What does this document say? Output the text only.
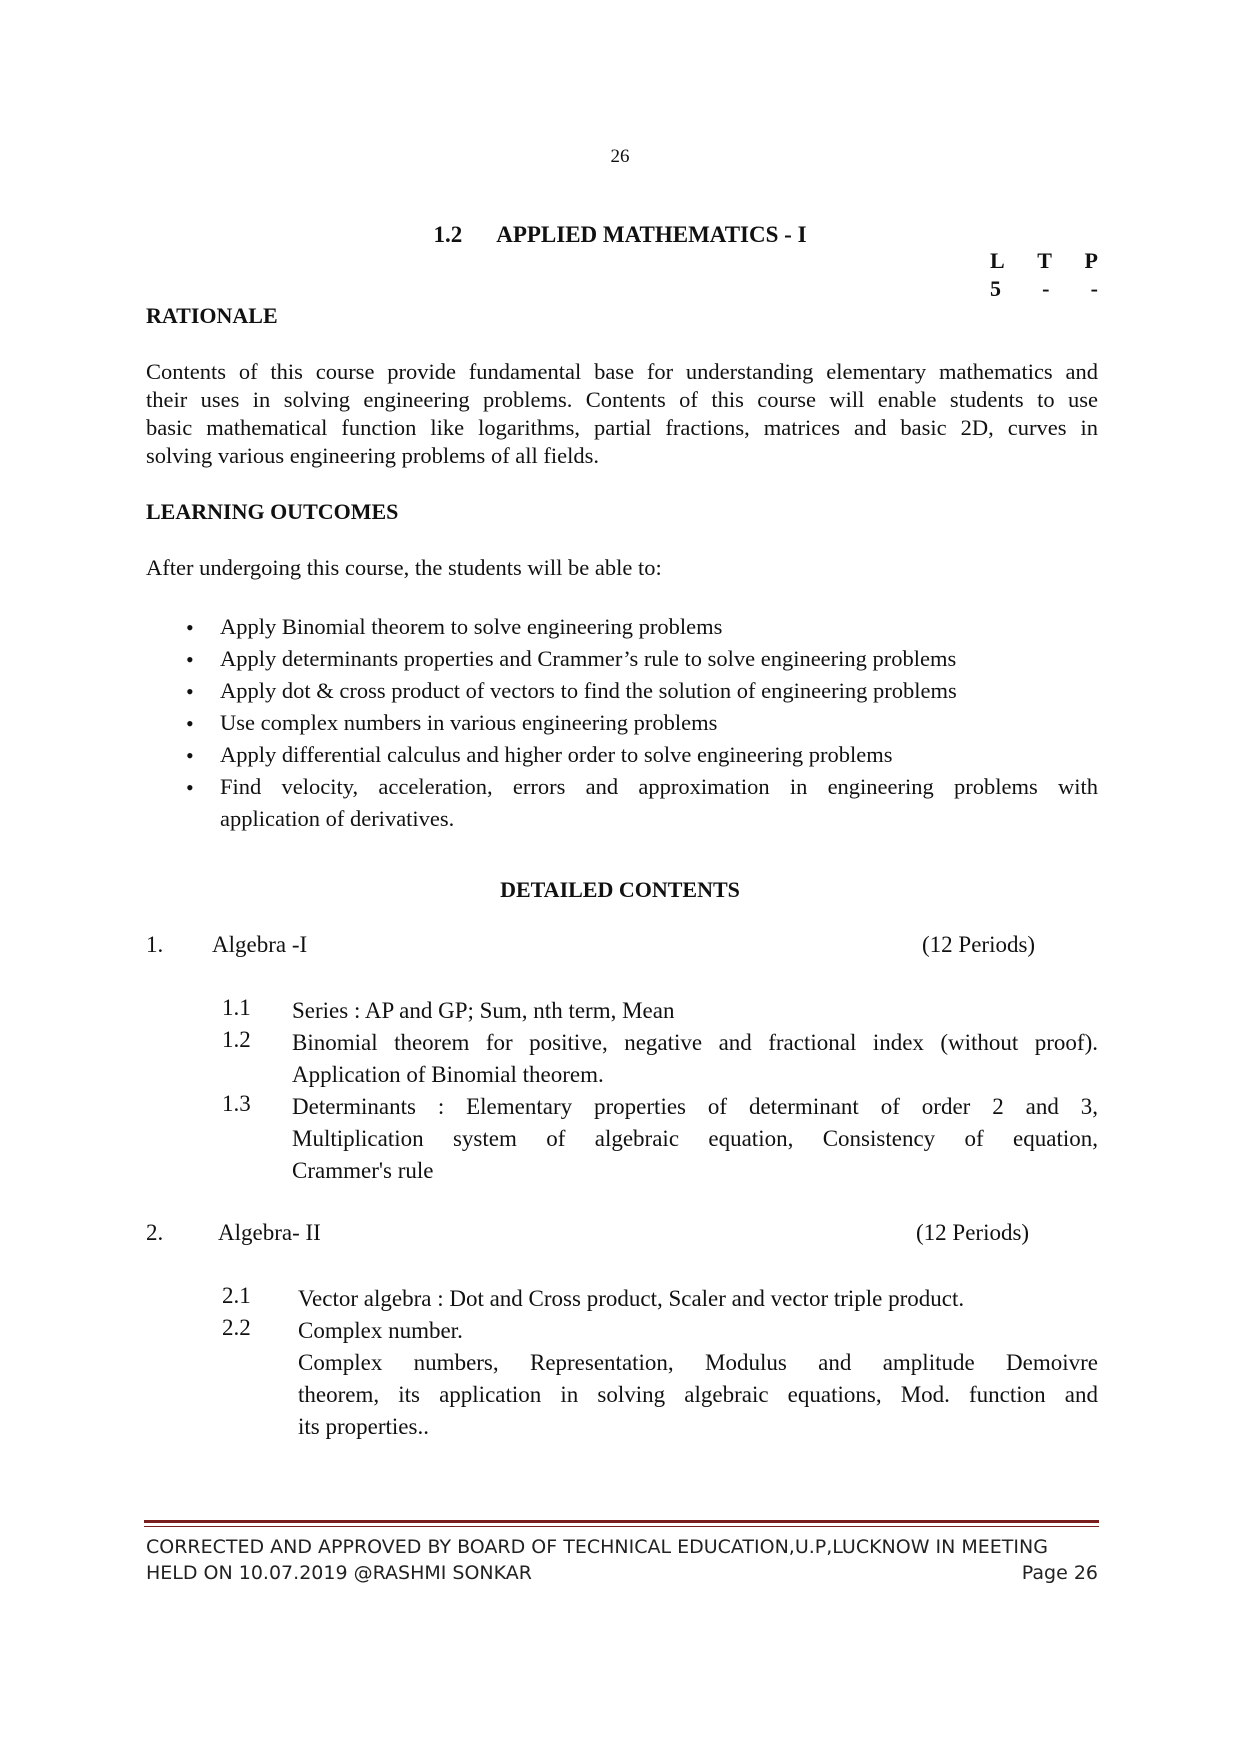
26
1.2 APPLIED MATHEMATICS - I
L T P
5 - -
RATIONALE
Contents of this course provide fundamental base for understanding elementary mathematics and
their uses in solving engineering problems. Contents of this course will enable students to use
basic mathematical function like logarithms, partial fractions, matrices and basic 2D, curves in
solving various engineering problems of all fields.
LEARNING OUTCOMES
After undergoing this course, the students will be able to:
• Apply Binomial theorem to solve engineering problems
• Apply determinants properties and Crammer’s rule to solve engineering problems
• Apply dot & cross product of vectors to find the solution of engineering problems
• Use complex numbers in various engineering problems
• Apply differential calculus and higher order to solve engineering problems
• Find velocity, acceleration, errors and approximation in engineering problems with
application of derivatives.
DETAILED CONTENTS
1. Algebra -I	(12 Periods)
1.1 Series : AP and GP; Sum, nth term, Mean
1.2 Binomial theorem for positive, negative and fractional index (without proof).
Application of Binomial theorem.
1.3 Determinants : Elementary properties of determinant of order 2 and 3,
Multiplication system of algebraic equation, Consistency of equation,
Crammer's rule
2. Algebra- II	(12 Periods)
2.1 Vector algebra : Dot and Cross product, Scaler and vector triple product.
2.2 Complex number.
Complex numbers, Representation, Modulus and amplitude Demoivre
theorem, its application in solving algebraic equations, Mod. function and
its properties..
CORRECTED AND APPROVED BY BOARD OF TECHNICAL EDUCATION,U.P,LUCKNOW IN MEETING
HELD ON 10.07.2019 @RASHMI SONKAR	Page 26
